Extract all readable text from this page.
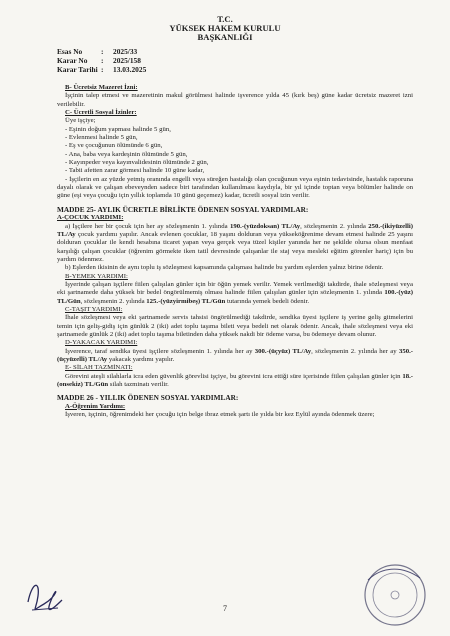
T.C.
YÜKSEK HAKEM KURULU
BAŞKANLIĞI
Esas No	: 2025/33
Karar No : 2025/158
Karar Tarihi : 13.03.2025

B- Ücretsiz Mazeret İzni:

İşçinin talep etmesi ve mazeretinin makul görülmesi halinde işverence yılda 45 (kırk beş) güne kadar ücretsiz mazeret izni verilebilir.

C- Ücretli Sosyal İzinler:

Üye işçiye;

- Eşinin doğum yapması halinde 5 gün,

- Evlenmesi halinde 5 gün,

- Eş ve çocuğunun ölümünde 6 gün,

- Ana, baba veya kardeşinin ölümünde 5 gün,

- Kayınpeder veya kayınvalidesinin ölümünde 2 gün,

- Tabii afetten zarar görmesi halinde 10 güne kadar,

- İşçilerin en az yüzde yetmiş oranında engelli veya süreğen hastalığı olan çocuğunun veya eşinin tedavisinde, hastalık raporuna dayalı olarak ve çalışan ebeveynden sadece biri tarafından kullanılması kaydıyla, bir yıl içinde toptan veya bölümler halinde on güne (eşi veya çocuğu için yıllık toplamda 10 günü geçemez) kadar, ücretli sosyal izin verilir.

MADDE 25- AYLIK ÜCRETLE BİRLİKTE ÖDENEN SOSYAL YARDIMLAR:

A-ÇOCUK YARDIMI:

a) İşçilere her bir çocuk için her ay sözleşmenin 1. yılında 190.-(yüzdoksan) TL/Ay, sözleşmenin 2. yılında 250.-(ikiyüzelli) TL/Ay çocuk yardımı yapılır. Ancak evlenen çocuklar, 18 yaşını dolduran veya yükseköğrenime devam etmesi halinde 25 yaşını dolduran çocuklar ile kendi hesabına ticaret yapan veya gerçek veya tüzel kişiler yanında her ne şekilde olursa olsun menfaat karşılığı çalışan çocuklar (öğrenim görmekte iken tatil devresinde çalışanlar ile staj veya mesleki eğitim görenler hariç) için bu yardım ödenmez.

b) Eşlerden ikisinin de aynı toplu iş sözleşmesi kapsamında çalışması halinde bu yardım eşlerden yalnız birine ödenir.

B-YEMEK YARDIMI:

İşyerinde çalışan işçilere fiilen çalışılan günler için bir öğün yemek verilir. Yemek verilmediği takdirde, ihale sözleşmesi veya eki şartnamede daha yüksek bir bedel öngörülmemiş olması halinde fiilen çalışılan günler için sözleşmenin 1. yılında 100.-(yüz) TL/Gün, sözleşmenin 2. yılında 125.-(yüzyirmibeş) TL/Gün tutarında yemek bedeli ödenir.

C-TAŞIT YARDIMI:

İhale sözleşmesi veya eki şartnamede servis tahsisi öngörülmediği takdirde, sendika üyesi işçilere iş yerine geliş gitmelerini temin için geliş-gidiş için günlük 2 (iki) adet toplu taşıma bileti veya bedeli net olarak ödenir. Ancak, ihale sözleşmesi veya eki şartnamede günlük 2 (iki) adet toplu taşıma biletinden daha yüksek nakdi bir ödeme varsa, bu ödemeye devam olunur.

D-YAKACAK YARDIMI:

İşverence, taraf sendika üyesi işçilere sözleşmenin 1. yılında her ay 300.-(üçyüz) TL/Ay, sözleşmenin 2. yılında her ay 350.-(üçyüzelli) TL/Ay yakacak yardımı yapılır.

E- SİLAH TAZMİNATI:

Görevini ateşli silahlarla icra eden güvenlik görevlisi işçiye, bu görevini icra ettiği süre içerisinde fiilen çalışılan günler için 18.-(onsekiz) TL/Gün silah tazminatı verilir.

MADDE 26 - YILLIK ÖDENEN SOSYAL YARDIMLAR:

A-Öğrenim Yardımı:

İşveren, işçinin, öğrenimdeki her çocuğu için belge ibraz etmek şartı ile yılda bir kez Eylül ayında ödenmek üzere;

7
